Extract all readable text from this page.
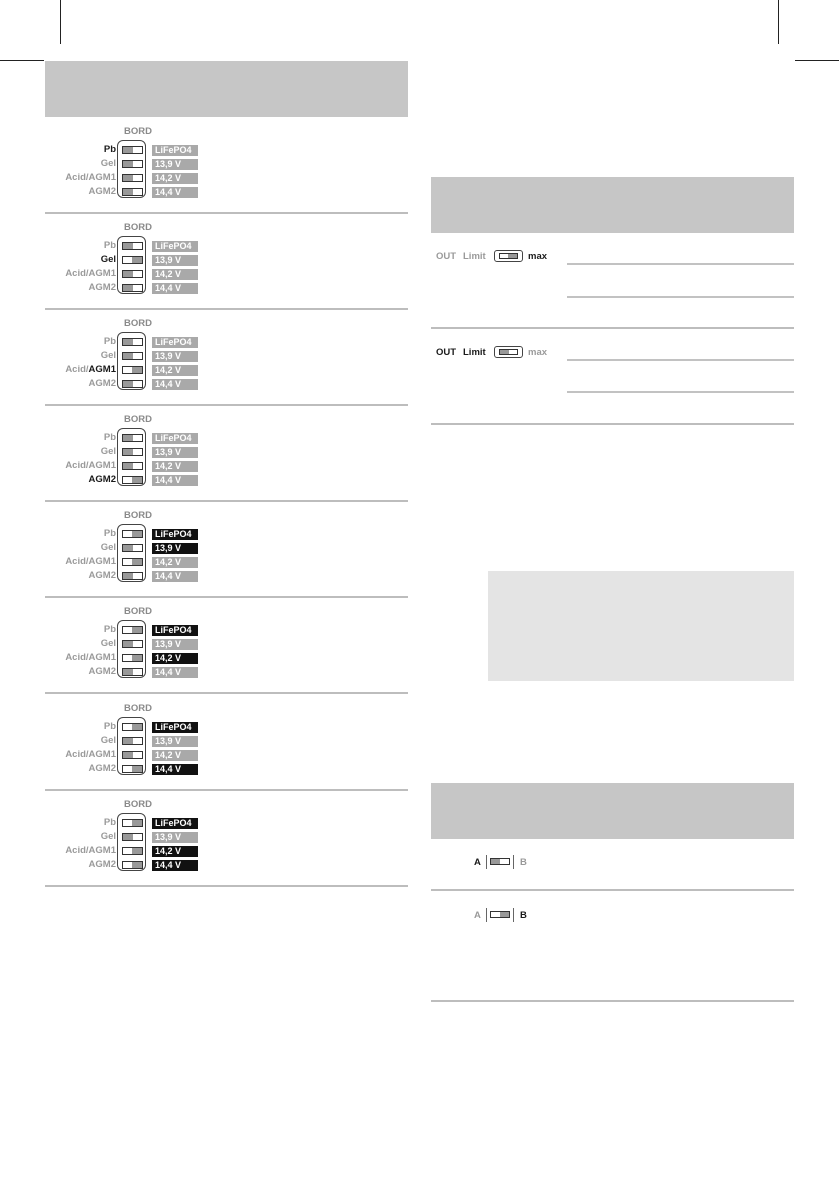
BORD
Pb	LiFePO4
Gel	13,9 V
Acid/AGM1	14,2 V
AGM2	14,4 V
BORD
Pb	LiFePO4
Gel	13,9 V
Acid/AGM1	14,2 V
AGM2	14,4 V
BORD
Pb	LiFePO4
Gel	13,9 V
Acid/AGM1	14,2 V
AGM2	14,4 V
BORD
Pb	LiFePO4
Gel	13,9 V
Acid/AGM1	14,2 V
AGM2	14,4 V
BORD
Pb	LiFePO4
Gel	13,9 V
Acid/AGM1	14,2 V
AGM2	14,4 V
BORD
Pb	LiFePO4
Gel	13,9 V
Acid/AGM1	14,2 V
AGM2	14,4 V
BORD
Pb	LiFePO4
Gel	13,9 V
Acid/AGM1	14,2 V
AGM2	14,4 V
BORD
Pb	LiFePO4
Gel	13,9 V
Acid/AGM1	14,2 V
AGM2	14,4 V
OUT Limit	max
OUT Limit	max
A	B
A	B
